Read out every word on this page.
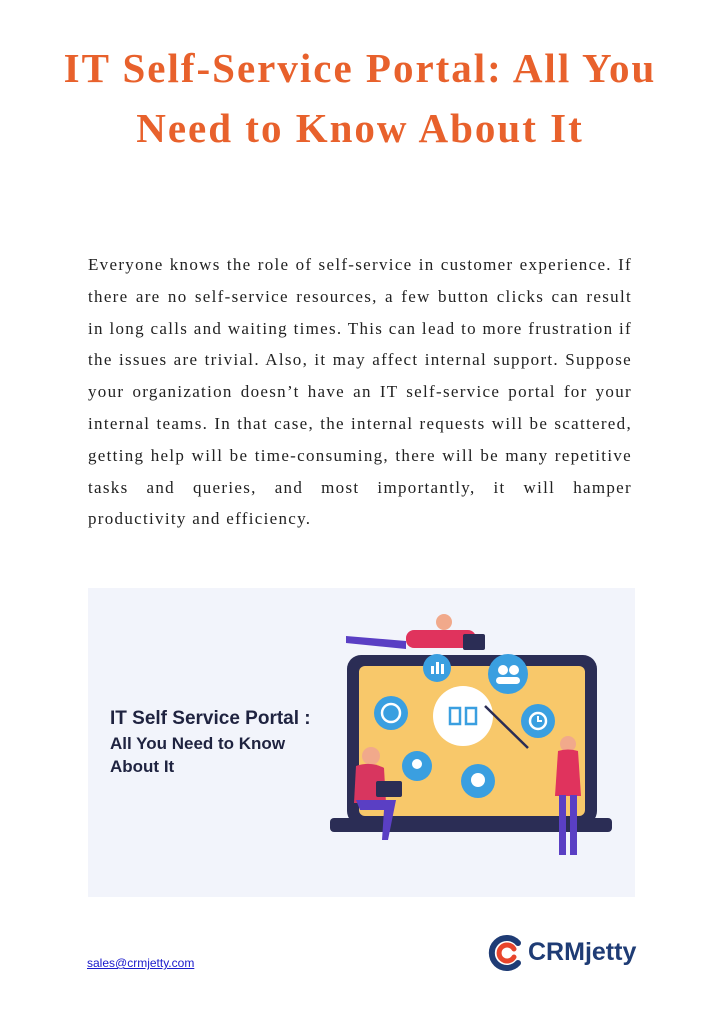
IT Self-Service Portal: All You Need to Know About It

Everyone knows the role of self-service in customer experience. If there are no self-service resources, a few button clicks can result in long calls and waiting times. This can lead to more frustration if the issues are trivial. Also, it may affect internal support. Suppose your organization doesn’t have an IT self-service portal for your internal teams. In that case, the internal requests will be scattered, getting help will be time-consuming, there will be many repetitive tasks and queries, and most importantly, it will hamper productivity and efficiency.

IT Self Service Portal :
All You Need to Know About It
sales@crmjetty.com	CRMjetty
